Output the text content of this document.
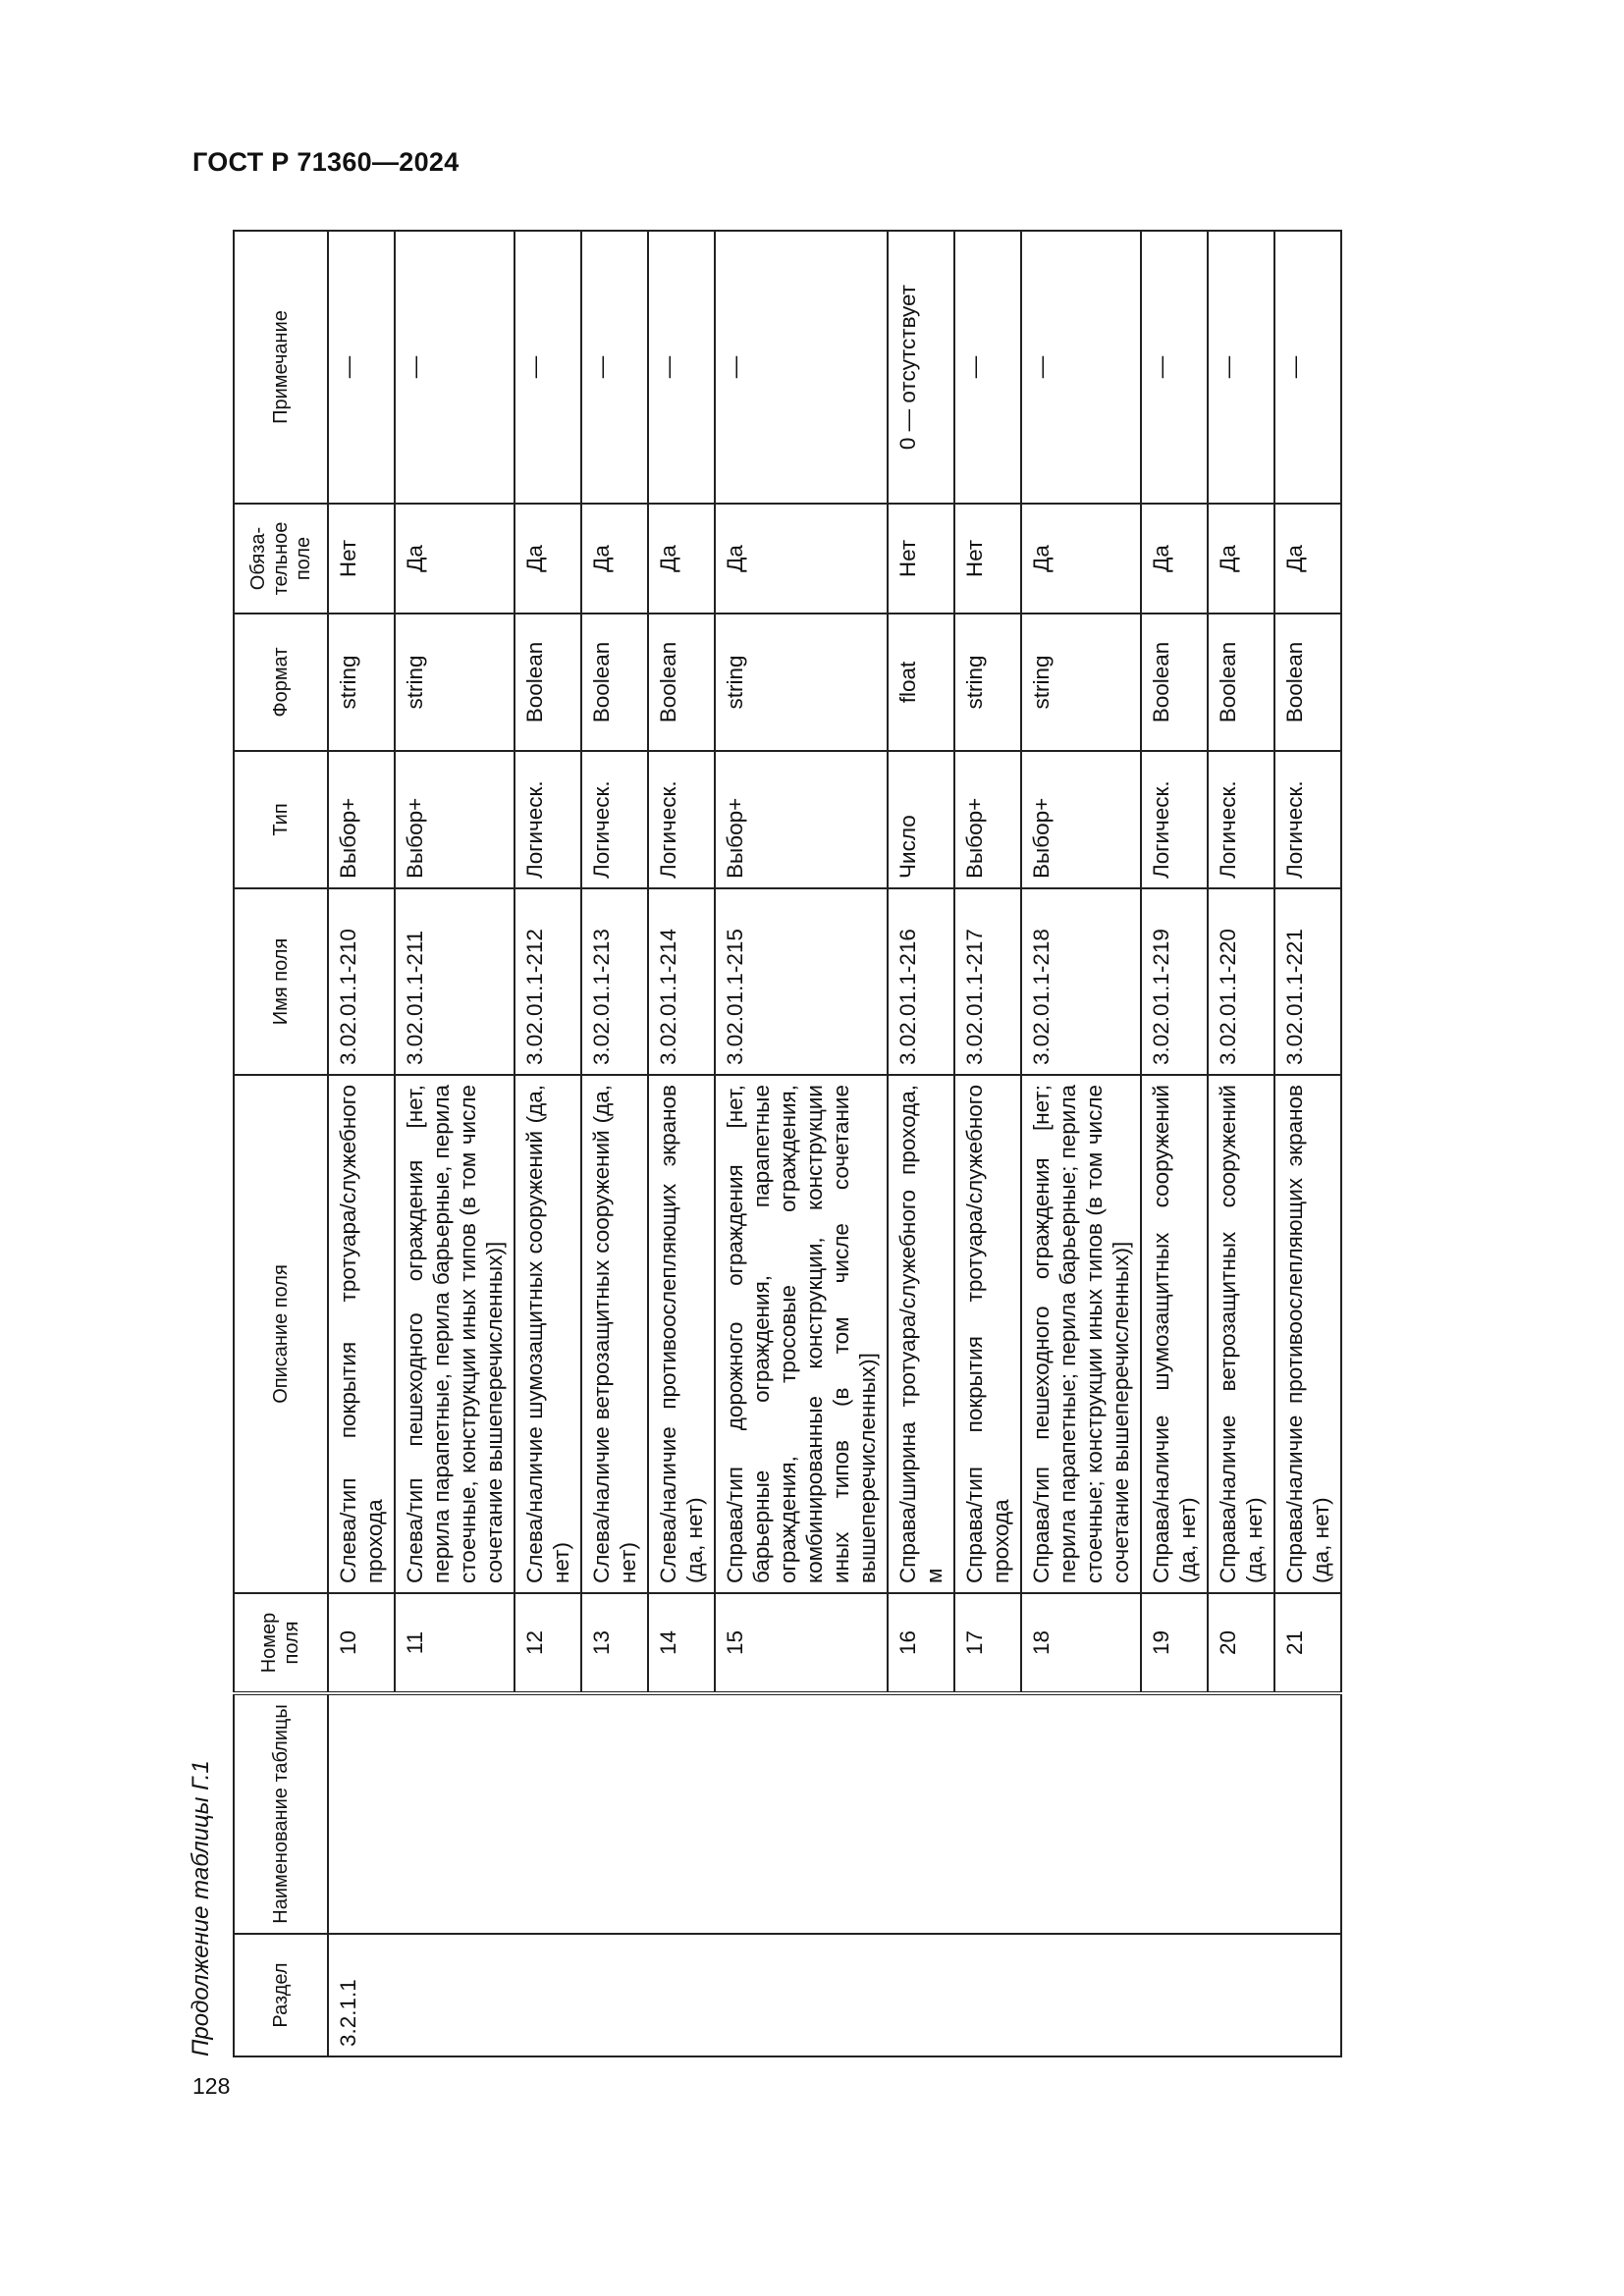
ГОСТ Р 71360—2024
Продолжение таблицы Г.1
128
Раздел	Наименование таблицы	Номер поля	Описание поля	Имя поля	Тип	Формат	Обяза-тельное поле	Примечание
3.2.1.1		10	Слева/тип покрытия тротуара/служебного прохода	3.02.01.1-210	Выбор+	string	Нет	—
		11	Слева/тип пешеходного ограждения [нет, перила парапетные, перила барьерные, перила стоечные, конструкции иных типов (в том числе сочетание вышеперечисленных)]	3.02.01.1-211	Выбор+	string	Да	—
		12	Слева/наличие шумозащитных сооружений (да, нет)	3.02.01.1-212	Логическ.	Boolean	Да	—
		13	Слева/наличие ветрозащитных сооружений (да, нет)	3.02.01.1-213	Логическ.	Boolean	Да	—
		14	Слева/наличие противоослепляющих экранов (да, нет)	3.02.01.1-214	Логическ.	Boolean	Да	—
		15	Справа/тип дорожного ограждения [нет, барьерные ограждения, парапетные ограждения, тросовые ограждения, комбинированные конструкции, конструкции иных типов (в том числе сочетание вышеперечисленных)]	3.02.01.1-215	Выбор+	string	Да	—
		16	Справа/ширина тротуара/служебного прохода, м	3.02.01.1-216	Число	float	Нет	0 — отсутствует
		17	Справа/тип покрытия тротуара/служебного прохода	3.02.01.1-217	Выбор+	string	Нет	—
		18	Справа/тип пешеходного ограждения [нет; перила парапетные; перила барьерные; перила стоечные; конструкции иных типов (в том числе сочетание вышеперечисленных)]	3.02.01.1-218	Выбор+	string	Да	—
		19	Справа/наличие шумозащитных сооружений (да, нет)	3.02.01.1-219	Логическ.	Boolean	Да	—
		20	Справа/наличие ветрозащитных сооружений (да, нет)	3.02.01.1-220	Логическ.	Boolean	Да	—
		21	Справа/наличие противоослепляющих экранов (да, нет)	3.02.01.1-221	Логическ.	Boolean	Да	—
